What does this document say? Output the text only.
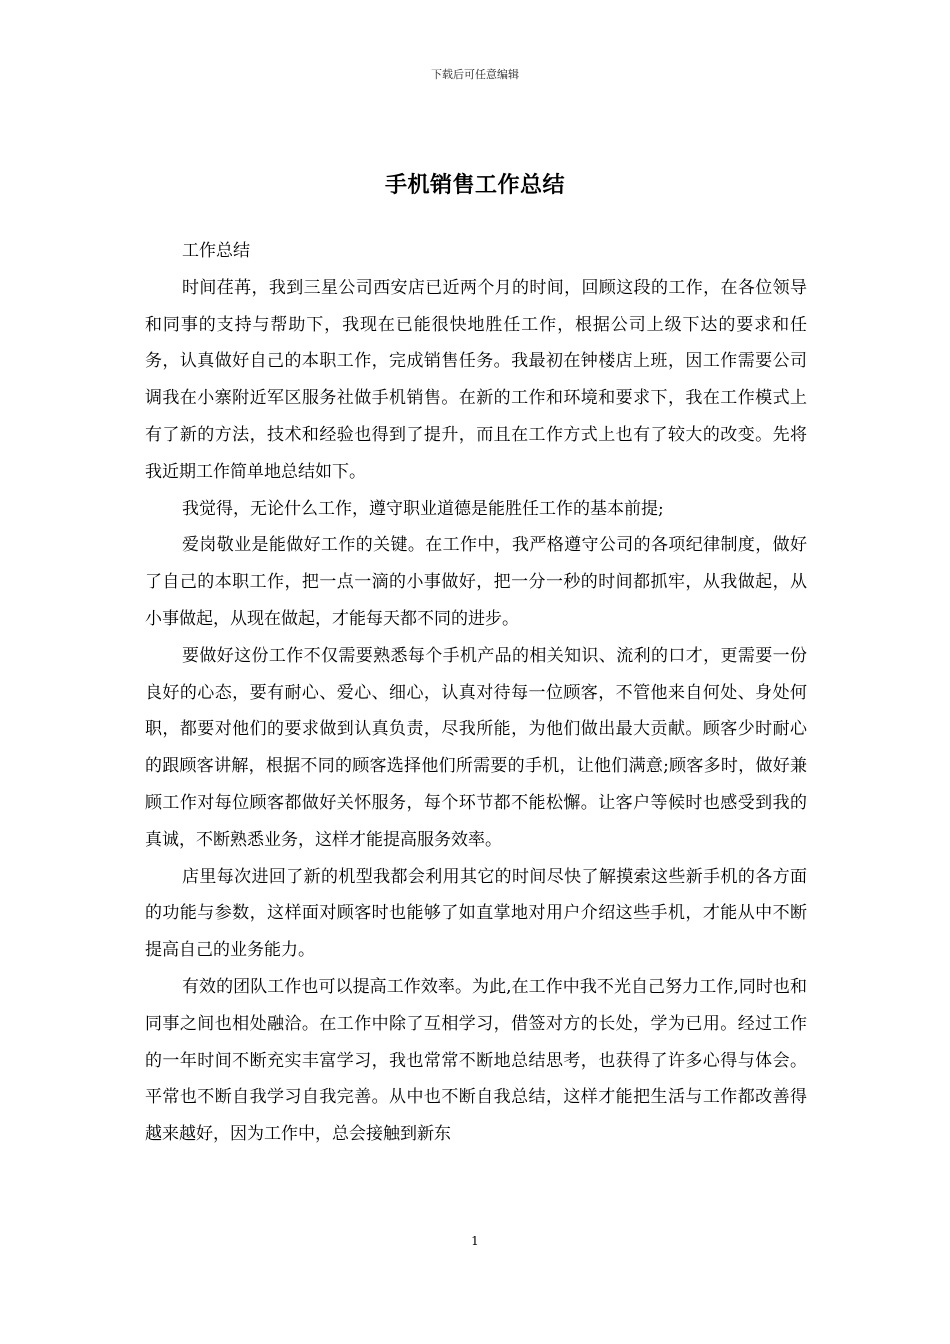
下载后可任意编辑
手机销售工作总结

工作总结

时间荏苒，我到三星公司西安店已近两个月的时间，回顾这段的工作，在各位领导和同事的支持与帮助下，我现在已能很快地胜任工作，根据公司上级下达的要求和任务，认真做好自己的本职工作，完成销售任务。我最初在钟楼店上班，因工作需要公司调我在小寨附近军区服务社做手机销售。在新的工作和环境和要求下，我在工作模式上有了新的方法，技术和经验也得到了提升，而且在工作方式上也有了较大的改变。先将我近期工作简单地总结如下。

我觉得，无论什么工作，遵守职业道德是能胜任工作的基本前提;

爱岗敬业是能做好工作的关键。在工作中，我严格遵守公司的各项纪律制度，做好了自己的本职工作，把一点一滴的小事做好，把一分一秒的时间都抓牢，从我做起，从小事做起，从现在做起，才能每天都不同的进步。

要做好这份工作不仅需要熟悉每个手机产品的相关知识、流利的口才，更需要一份良好的心态，要有耐心、爱心、细心，认真对待每一位顾客，不管他来自何处、身处何职，都要对他们的要求做到认真负责，尽我所能，为他们做出最大贡献。顾客少时耐心的跟顾客讲解，根据不同的顾客选择他们所需要的手机，让他们满意;顾客多时，做好兼顾工作对每位顾客都做好关怀服务，每个环节都不能松懈。让客户等候时也感受到我的真诚，不断熟悉业务，这样才能提高服务效率。

店里每次进回了新的机型我都会利用其它的时间尽快了解摸索这些新手机的各方面的功能与参数，这样面对顾客时也能够了如直掌地对用户介绍这些手机，才能从中不断提高自己的业务能力。

有效的团队工作也可以提高工作效率。为此,在工作中我不光自己努力工作,同时也和同事之间也相处融洽。在工作中除了互相学习，借签对方的长处，学为已用。经过工作的一年时间不断充实丰富学习，我也常常不断地总结思考，也获得了许多心得与体会。平常也不断自我学习自我完善。从中也不断自我总结，这样才能把生活与工作都改善得越来越好，因为工作中，总会接触到新东

1
